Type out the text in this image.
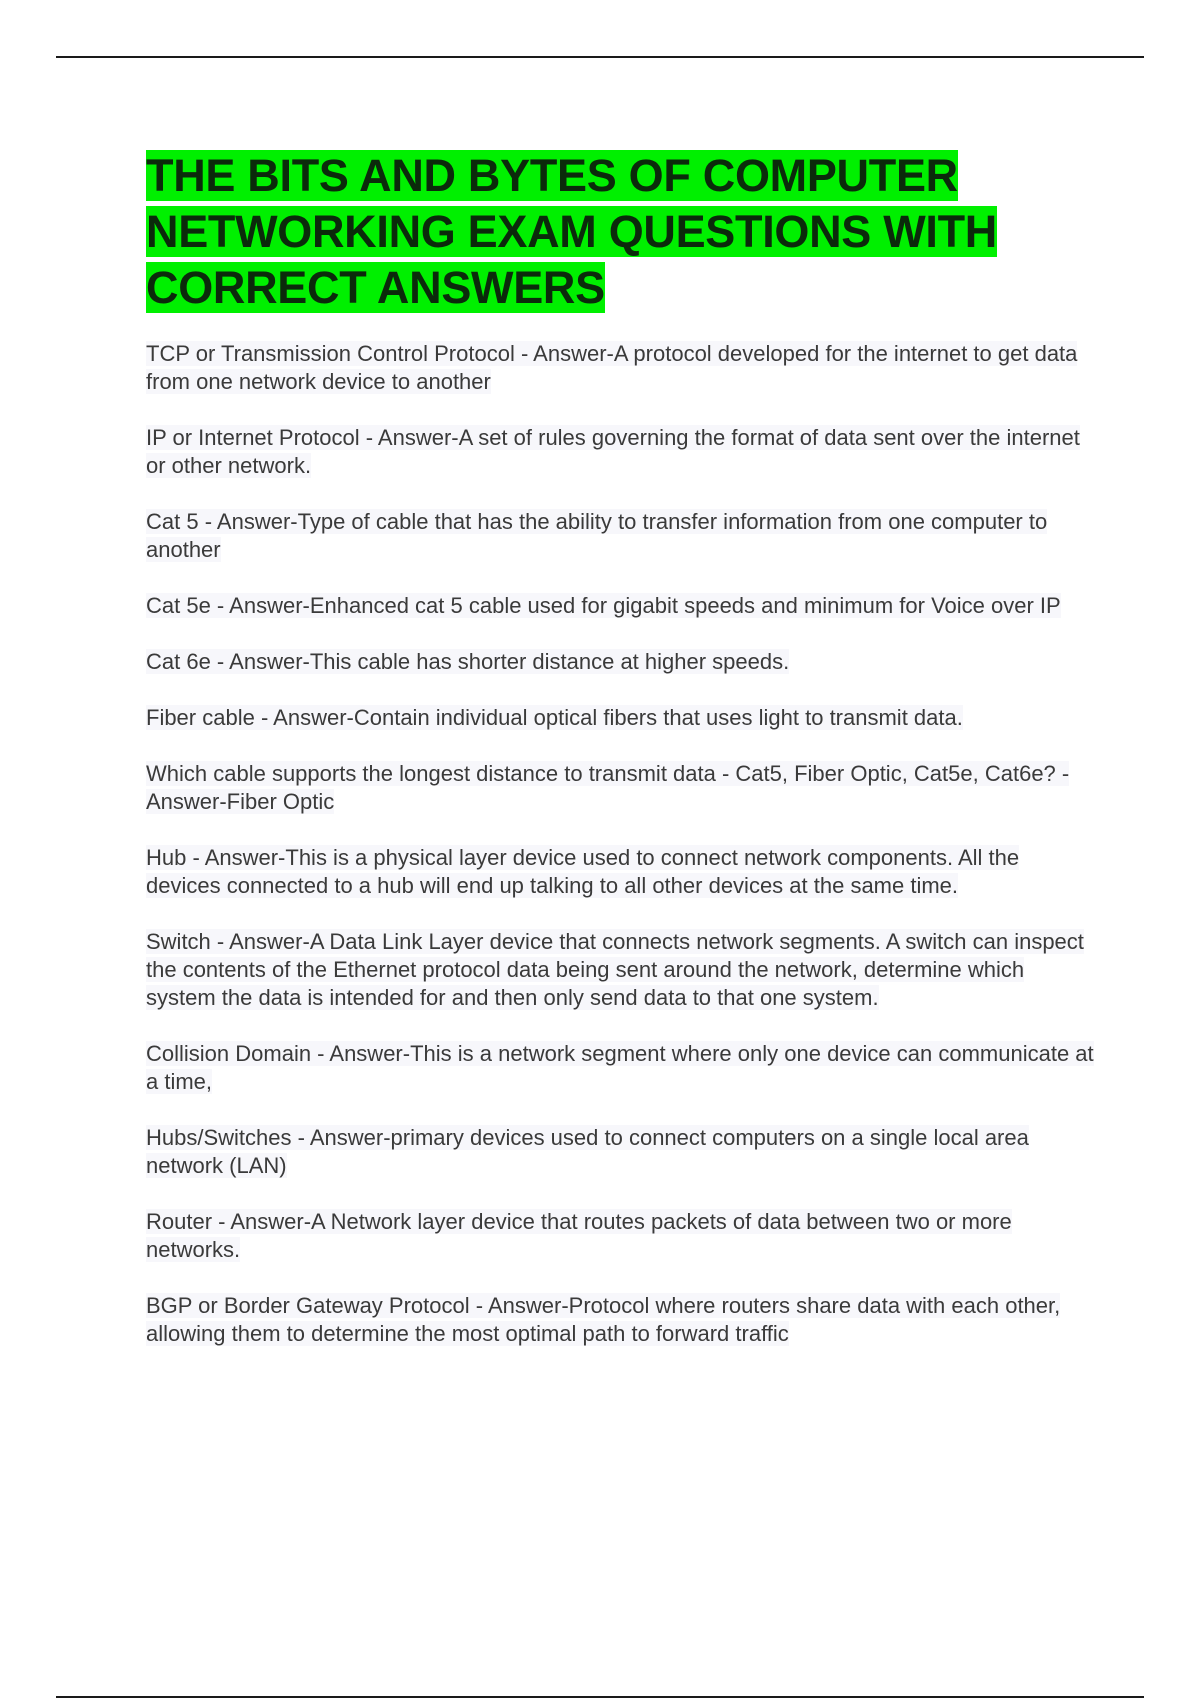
THE BITS AND BYTES OF COMPUTER
NETWORKING EXAM QUESTIONS WITH
CORRECT ANSWERS
TCP or Transmission Control Protocol - Answer-A protocol developed for the internet to get data from one network device to another
IP or Internet Protocol - Answer-A set of rules governing the format of data sent over the internet or other network.
Cat 5 - Answer-Type of cable that has the ability to transfer information from one computer to another
Cat 5e - Answer-Enhanced cat 5 cable used for gigabit speeds and minimum for Voice over IP
Cat 6e - Answer-This cable has shorter distance at higher speeds.
Fiber cable - Answer-Contain individual optical fibers that uses light to transmit data.
Which cable supports the longest distance to transmit data - Cat5, Fiber Optic, Cat5e, Cat6e? - Answer-Fiber Optic
Hub - Answer-This is a physical layer device used to connect network components. All the devices connected to a hub will end up talking to all other devices at the same time.
Switch - Answer-A Data Link Layer device that connects network segments. A switch can inspect the contents of the Ethernet protocol data being sent around the network, determine which system the data is intended for and then only send data to that one system.
Collision Domain - Answer-This is a network segment where only one device can communicate at a time,
Hubs/Switches - Answer-primary devices used to connect computers on a single local area network (LAN)
Router - Answer-A Network layer device that routes packets of data between two or more networks.
BGP or Border Gateway Protocol - Answer-Protocol where routers share data with each other, allowing them to determine the most optimal path to forward traffic
